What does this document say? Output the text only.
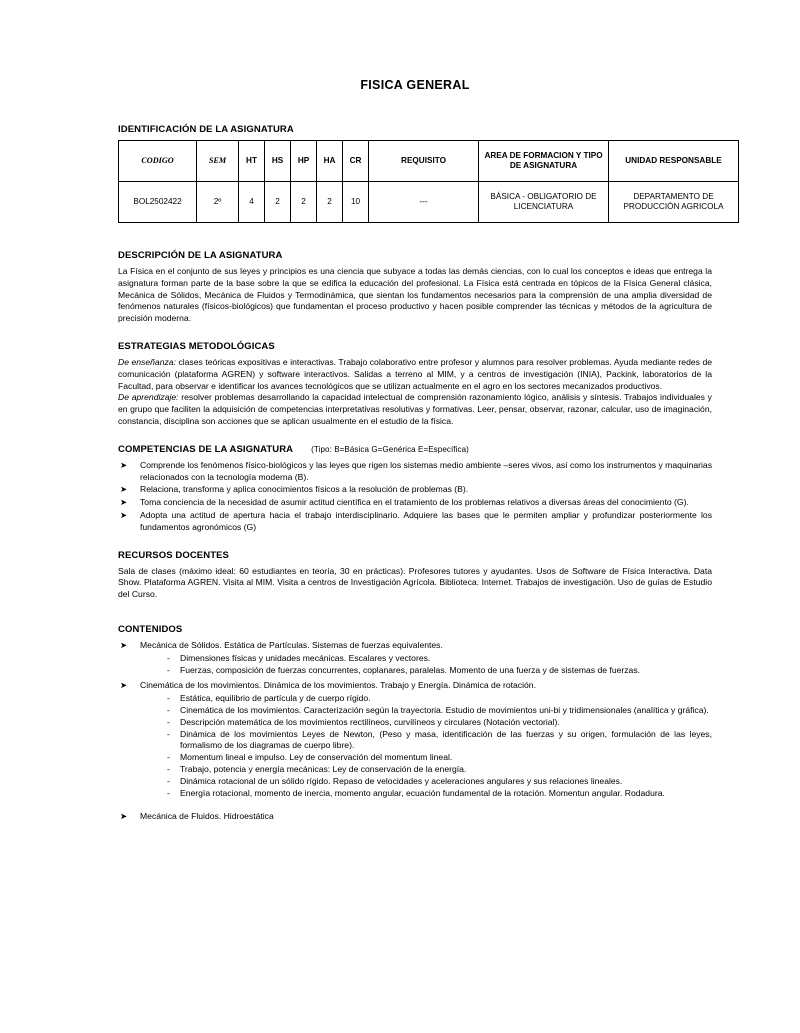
FISICA GENERAL
IDENTIFICACIÓN DE LA ASIGNATURA
CODIGO	SEM	HT	HS	HP	HA	CR	REQUISITO	AREA DE FORMACION Y TIPO DE ASIGNATURA	UNIDAD RESPONSABLE
BOL2502422	2º	4	2	2	2	10	---	BÁSICA - OBLIGATORIO DE LICENCIATURA	DEPARTAMENTO DE PRODUCCIÓN AGRICOLA
DESCRIPCIÓN DE LA ASIGNATURA

La Física en el conjunto de sus leyes y principios es una ciencia que subyace a todas las demás ciencias, con lo cual los conceptos e ideas que entrega la asignatura forman parte de la base sobre la que se edifica la educación del profesional. La Física está centrada en tópicos de la Física General clásica, Mecánica de Sólidos, Mecánica de Fluidos y Termodinámica, que sientan los fundamentos necesarios para la comprensión de una amplia diversidad de fenómenos naturales (físicos-biológicos) que fundamentan el proceso productivo y hacen posible comprender las técnicas y métodos de la agricultura de precisión moderna.

ESTRATEGIAS METODOLÓGICAS

De enseñanza: clases teóricas expositivas e interactivas. Trabajo colaborativo entre profesor y alumnos para resolver problemas. Ayuda mediante redes de comunicación (plataforma AGREN) y software interactivos. Salidas a terreno al MIM, y a centros de investigación (INIA), Packink, laboratorios de la Facultad, para observar e identificar los avances tecnológicos que se utilizan actualmente en el agro en los sectores mecanizados productivos.

De aprendizaje: resolver problemas desarrollando la capacidad intelectual de comprensión razonamiento lógico, análisis y síntesis. Trabajos individuales y en grupo que faciliten la adquisición de competencias interpretativas resolutivas y formativas. Leer, pensar, observar, razonar, calcular, uso de imaginación, constancia, disciplina son acciones que se aplican usualmente en el estudio de la física.

COMPETENCIAS DE LA ASIGNATURA (Tipo: B=Básica G=Genérica E=Específica)
➤ Comprende los fenómenos físico-biológicos y las leyes que rigen los sistemas medio ambiente –seres vivos, así como los instrumentos y maquinarias relacionados con la tecnología moderna (B).
➤ Relaciona, transforma y aplica conocimientos físicos a la resolución de problemas (B).
➤ Toma conciencia de la necesidad de asumir actitud científica en el tratamiento de los problemas relativos a diversas áreas del conocimiento (G).
➤ Adopta una actitud de apertura hacia el trabajo interdisciplinario. Adquiere las bases que le permiten ampliar y profundizar posteriormente los fundamentos agronómicos (G)
RECURSOS DOCENTES

Sala de clases (máximo ideal: 60 estudiantes en teoría, 30 en prácticas). Profesores tutores y ayudantes. Usos de Software de Física Interactiva. Data Show. Plataforma AGREN. Visita al MIM. Visita a centros de Investigación Agrícola. Biblioteca. Internet. Trabajos de investigación. Uso de guías de Estudio del Curso.

CONTENIDOS
➤ Mecánica de Sólidos. Estática de Partículas. Sistemas de fuerzas equivalentes.
- Dimensiones físicas y unidades mecánicas. Escalares y vectores.
- Fuerzas, composición de fuerzas concurrentes, coplanares, paralelas. Momento de una fuerza y de sistemas de fuerzas.
➤ Cinemática de los movimientos. Dinámica de los movimientos. Trabajo y Energía. Dinámica de rotación.
- Estática, equilibrio de partícula y de cuerpo rígido.
- Cinemática de los movimientos. Caracterización según la trayectoria. Estudio de movimientos uni-bi y tridimensionales (analítica y gráfica).
- Descripción matemática de los movimientos rectilíneos, curvilíneos y circulares (Notación vectorial).
- Dinámica de los movimientos Leyes de Newton, (Peso y masa, identificación de las fuerzas y su origen, formulación de las leyes, formalismo de los diagramas de cuerpo libre).
- Momentum lineal e impulso. Ley de conservación del momentum lineal.
- Trabajo, potencia y energía mecánicas: Ley de conservación de la energía.
- Dinámica rotacional de un sólido rígido. Repaso de velocidades y aceleraciones angulares y sus relaciones lineales.
- Energía rotacional, momento de inercia, momento angular, ecuación fundamental de la rotación. Momentun angular. Rodadura.
➤ Mecánica de Fluidos. Hidroestática
